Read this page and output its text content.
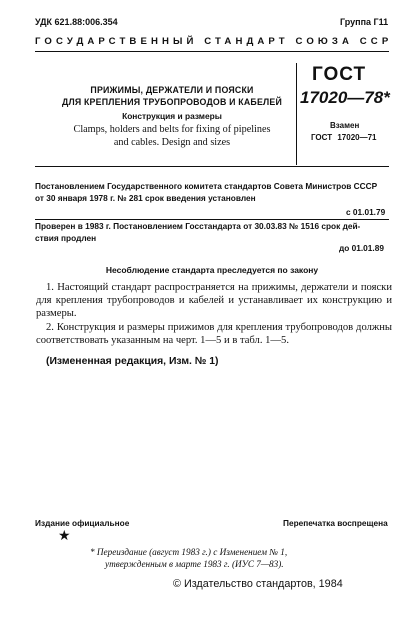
УДК 621.88:006.354	Группа Г11
ГОСУДАРСТВЕННЫЙ СТАНДАРТ СОЮЗА ССР
ПРИЖИМЫ, ДЕРЖАТЕЛИ И ПОЯСКИ
ДЛЯ КРЕПЛЕНИЯ ТРУБОПРОВОДОВ И КАБЕЛЕЙ
Конструкция и размеры
Clamps, holders and belts for fixing of pipelines
and cables. Design and sizes
ГОСТ
17020—78*
Взамен
ГОСТ 17020—71
Постановлением Государственного комитета стандартов Совета Министров СССР
от 30 января 1978 г. № 281 срок введения установлен
с 01.01.79
Проверен в 1983 г. Постановлением Госстандарта от 30.03.83 № 1516 срок дей-
ствия продлен
до 01.01.89
Несоблюдение стандарта преследуется по закону
1. Настоящий стандарт распространяется на прижимы, держатели и пояски для крепления трубопроводов и кабелей и устанавливает их конструкцию и размеры.
2. Конструкция и размеры прижимов для крепления трубопроводов должны соответствовать указанным на черт. 1—5 и в табл. 1—5.
(Измененная редакция, Изм. № 1)
Издание официальное	Перепечатка воспрещена
★
* Переиздание (август 1983 г.) с Изменением № 1,
утвержденным в марте 1983 г. (ИУС 7—83).
© Издательство стандартов, 1984
